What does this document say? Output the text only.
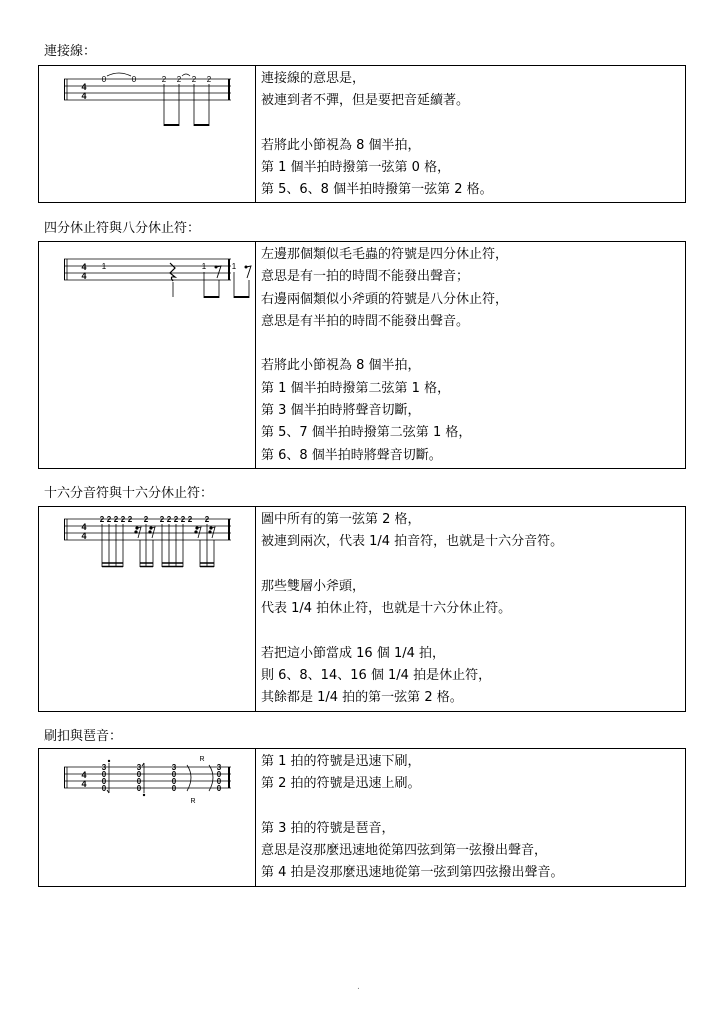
連接線：
4
4
0	0	2 2 2 2	連接線的意思是，
被連到者不彈，但是要把音延續著。
若將此小節視為 8 個半拍，
第 1 個半拍時撥第一弦第 0 格，
第 5、6、8 個半拍時撥第一弦第 2 格。
四分休止符與八分休止符：
4
4
1	1	1

左邊那個類似毛毛蟲的符號是四分休止符，
意思是有一拍的時間不能發出聲音；
右邊兩個類似小斧頭的符號是八分休止符，
意思是有半拍的時間不能發出聲音。
若將此小節視為 8 個半拍，
第 1 個半拍時撥第二弦第 1 格，
第 3 個半拍時將聲音切斷，
第 5、7 個半拍時撥第二弦第 1 格，
第 6、8 個半拍時將聲音切斷。
十六分音符與十六分休止符：
4
4
2 2 2 2 2 2 2 2 2 2 2 2	圖中所有的第一弦第 2 格，
被連到兩次，代表 1/4 拍音符，也就是十六分音符。
那些雙層小斧頭，
代表 1/4 拍休止符，也就是十六分休止符。
若把這小節當成 16 個 1/4 拍，
則 6、8、14、16 個 1/4 拍是休止符，
其餘都是 1/4 拍的第一弦第 2 格。
刷扣與琶音：
4
4
3
0
0
0
3
0
0
0
3
0
0
0
3
0
0
0
R
R	第 1 拍的符號是迅速下刷，
第 2 拍的符號是迅速上刷。
第 3 拍的符號是琶音，
意思是沒那麼迅速地從第四弦到第一弦撥出聲音，
第 4 拍是沒那麼迅速地從第一弦到第四弦撥出聲音。
.
